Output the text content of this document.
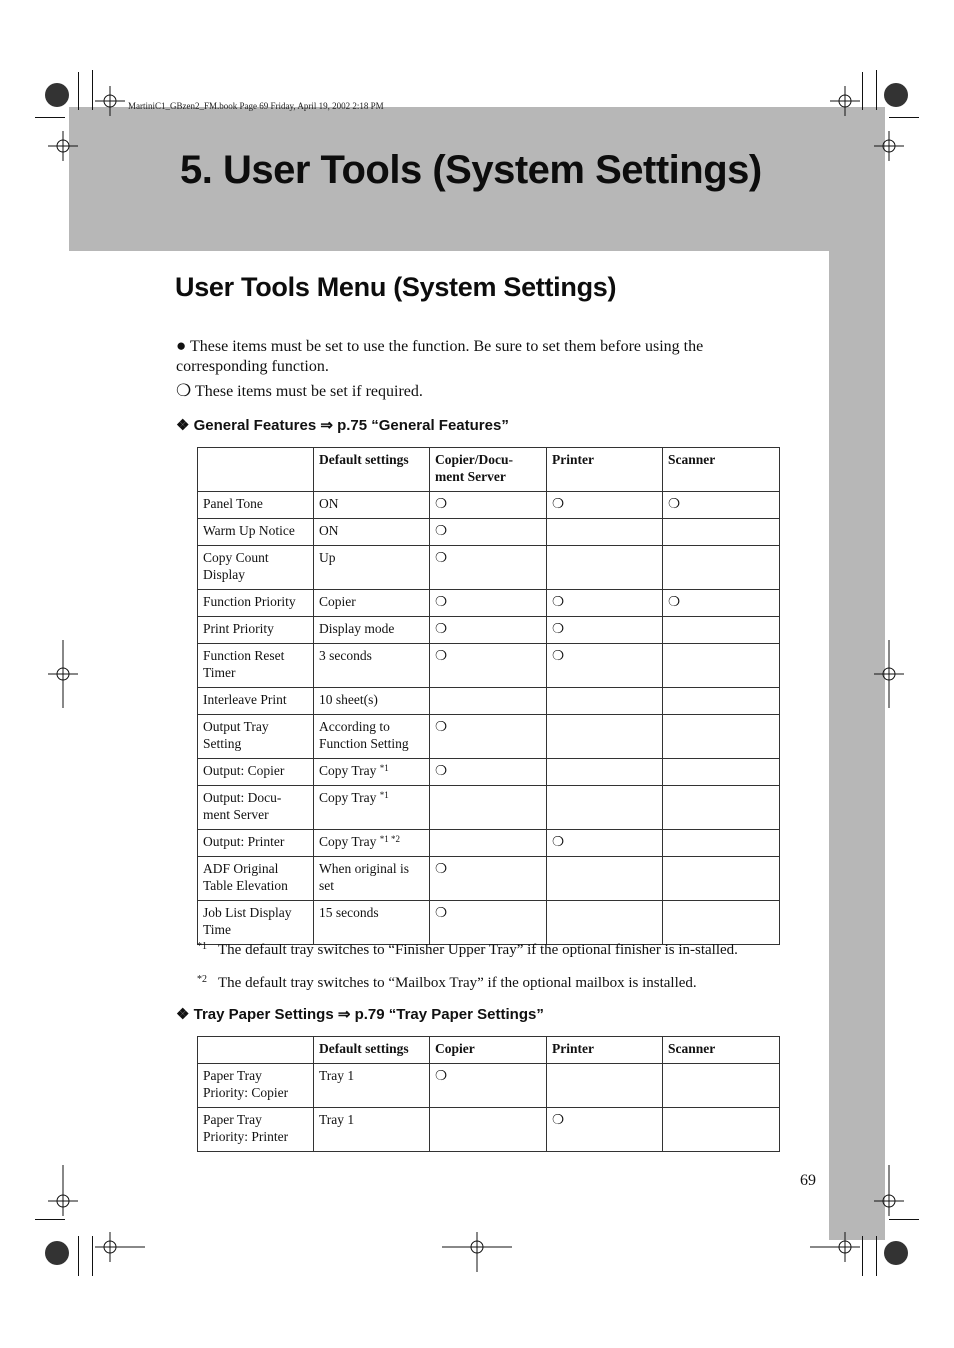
MartiniC1_GBzen2_FM.book Page 69 Friday, April 19, 2002 2:18 PM
5. User Tools (System Settings)
User Tools Menu (System Settings)
● These items must be set to use the function. Be sure to set them before using the corresponding function.
❍ These items must be set if required.
❖ General Features ⇒ p.75 “General Features”
	Default settings	Copier/Docu-ment Server	Printer	Scanner
Panel Tone	ON	❍	❍	❍
Warm Up Notice	ON	❍		
Copy Count Display	Up	❍		
Function Priority	Copier	❍	❍	❍
Print Priority	Display mode	❍	❍	
Function Reset Timer	3 seconds	❍	❍	
Interleave Print	10 sheet(s)			
Output Tray Setting	According to Function Setting	❍		
Output: Copier	Copy Tray $^{*1}$	❍		
Output: Docu-ment Server	Copy Tray $^{*1}$			
Output: Printer	Copy Tray $^{*1 *2}$		❍	
ADF Original Table Elevation	When original is set	❍		
Job List Display Time	15 seconds	❍		
*1 The default tray switches to “Finisher Upper Tray” if the optional finisher is in-stalled.
*2 The default tray switches to “Mailbox Tray” if the optional mailbox is installed.
❖ Tray Paper Settings ⇒ p.79 “Tray Paper Settings”
	Default settings	Copier	Printer	Scanner
Paper Tray Priority: Copier	Tray 1	❍		
Paper Tray Priority: Printer	Tray 1		❍	
69
